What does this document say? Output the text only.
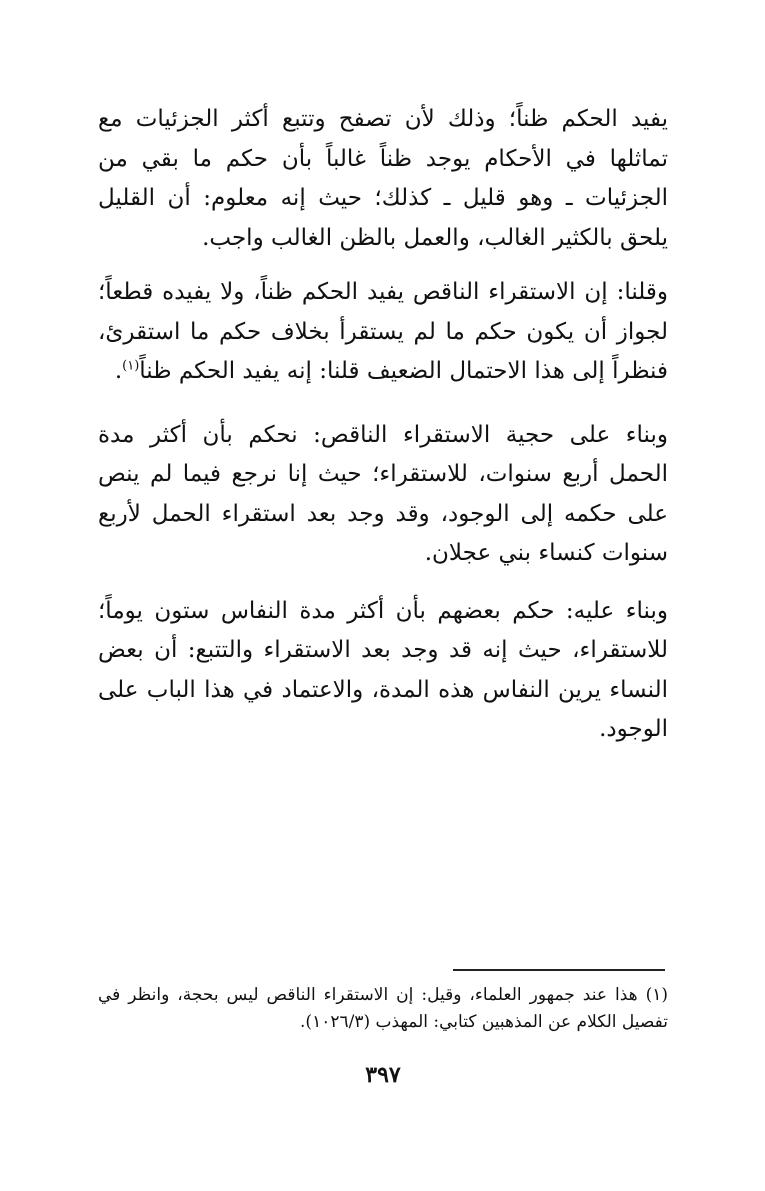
يفيد الحكم ظناً؛ وذلك لأن تصفح وتتبع أكثر الجزئيات مع تماثلها في الأحكام يوجد ظناً غالباً بأن حكم ما بقي من الجزئيات ـ وهو قليل ـ كذلك؛ حيث إنه معلوم: أن القليل يلحق بالكثير الغالب، والعمل بالظن الغالب واجب.

وقلنا: إن الاستقراء الناقص يفيد الحكم ظناً، ولا يفيده قطعاً؛ لجواز أن يكون حكم ما لم يستقرأ بخلاف حكم ما استقرئ، فنظراً إلى هذا الاحتمال الضعيف قلنا: إنه يفيد الحكم ظناً$^{(١)}$.

وبناء على حجية الاستقراء الناقص: نحكم بأن أكثر مدة الحمل أربع سنوات، للاستقراء؛ حيث إنا نرجع فيما لم ينص على حكمه إلى الوجود، وقد وجد بعد استقراء الحمل لأربع سنوات كنساء بني عجلان.

وبناء عليه: حكم بعضهم بأن أكثر مدة النفاس ستون يوماً؛ للاستقراء، حيث إنه قد وجد بعد الاستقراء والتتبع: أن بعض النساء يرين النفاس هذه المدة، والاعتماد في هذا الباب على الوجود.

(١) هذا عند جمهور العلماء، وقيل: إن الاستقراء الناقص ليس بحجة، وانظر في تفصيل الكلام عن المذهبين كتابي: المهذب (١٠٢٦/٣).
٣٩٧
